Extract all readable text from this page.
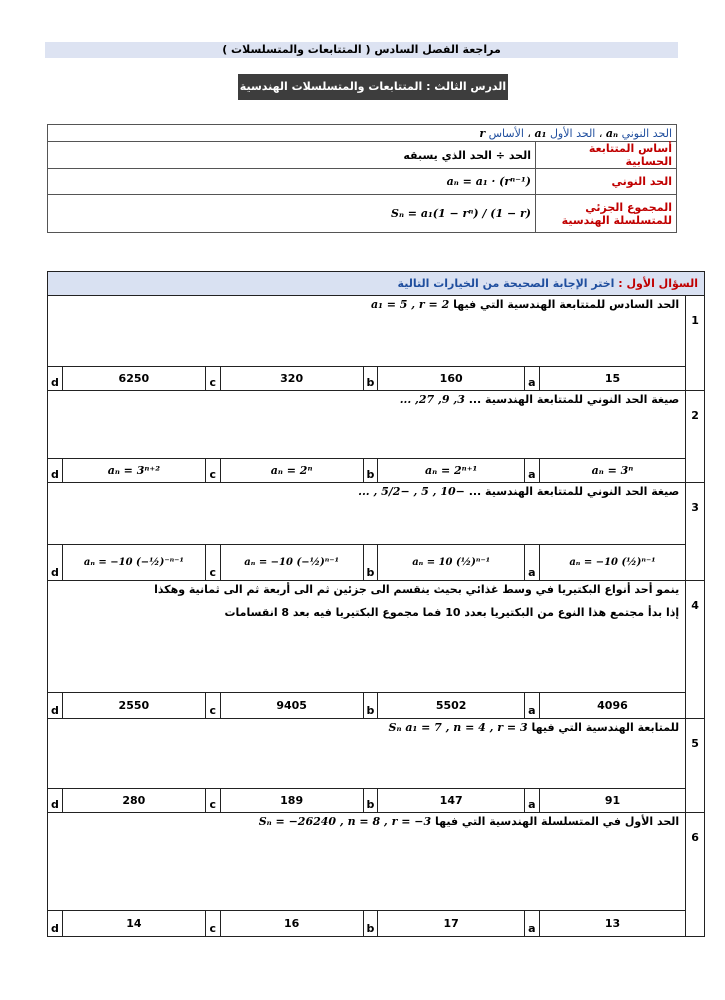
مراجعة الفصل السادس ( المتتابعات والمتسلسلات )
الدرس الثالث : المتتابعات والمتسلسلات الهندسية
الحد النوني aₙ ، الحد الأول a₁ ، الأساس r	
الحد ÷ الحد الذي يسبقه	أساس المتتابعة الحسابية
aₙ = a₁ · (rⁿ⁻¹)	الحد النوني
Sₙ = a₁(1 − rⁿ) / (1 − r)	المجموع الجزئي للمتسلسلة الهندسية
السؤال الأول : اختر الإجابة الصحيحة من الخيارات التالية								
الحد السادس للمتتابعة الهندسية التي فيها a₁ = 5 , r = 2								1
d	6250	c	320	b	160	a	15	
صيغة الحد النوني للمتتابعة الهندسية ... 3, 9, 27, ...								2
d	aₙ = 3ⁿ⁺²	c	aₙ = 2ⁿ	b	aₙ = 2ⁿ⁺¹	a	aₙ = 3ⁿ	
صيغة الحد النوني للمتتابعة الهندسية ... −10 , 5 , −5/2 , ...								3
d	aₙ = −10 (−½)⁻ⁿ⁻¹	c	aₙ = −10 (−½)ⁿ⁻¹	b	aₙ = 10 (½)ⁿ⁻¹	a	aₙ = −10 (½)ⁿ⁻¹	

ينمو أحد أنواع البكتيريا في وسط غذائي بحيث ينقسم الى جزئين ثم الى أربعة ثم الى ثمانية وهكذا
إذا بدأ مجتمع هذا النوع من البكتيريا بعدد 10 فما مجموع البكتيريا فيه بعد 8 انقسامات								4
d	2550	c	9405	b	5502	a	4096	
للمتابعة الهندسية التي فيها Sₙ a₁ = 7 , n = 4 , r = 3								5
d	280	c	189	b	147	a	91	
الحد الأول في المتسلسلة الهندسية التي فيها Sₙ = −26240 , n = 8 , r = −3								6
d	14	c	16	b	17	a	13	
